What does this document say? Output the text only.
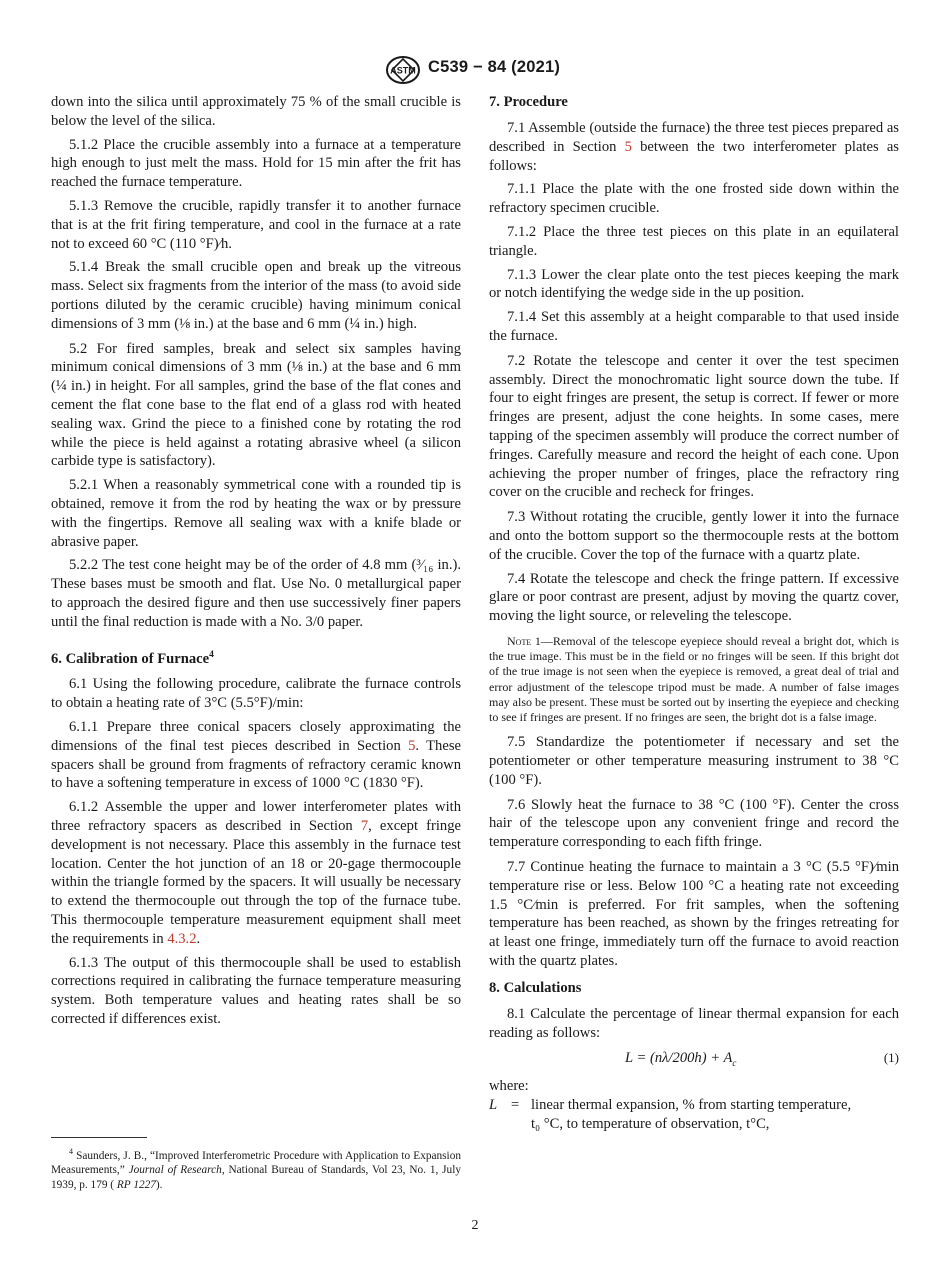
ASTM C539 − 84 (2021)

down into the silica until approximately 75 % of the small crucible is below the level of the silica.

5.1.2 Place the crucible assembly into a furnace at a temperature high enough to just melt the mass. Hold for 15 min after the frit has reached the furnace temperature.

5.1.3 Remove the crucible, rapidly transfer it to another furnace that is at the frit firing temperature, and cool in the furnace at a rate not to exceed 60 °C (110 °F)⁄h.

5.1.4 Break the small crucible open and break up the vitreous mass. Select six fragments from the interior of the mass (to avoid side portions diluted by the ceramic crucible) having minimum conical dimensions of 3 mm (⅛ in.) at the base and 6 mm (¼ in.) high.

5.2 For fired samples, break and select six samples having minimum conical dimensions of 3 mm (⅛ in.) at the base and 6 mm (¼ in.) in height. For all samples, grind the base of the flat cones and cement the flat cone base to the flat end of a glass rod with heated sealing wax. Grind the piece to a finished cone by rotating the rod while the piece is held against a rotating abrasive wheel (a silicon carbide type is satisfactory).

5.2.1 When a reasonably symmetrical cone with a rounded tip is obtained, remove it from the rod by heating the wax or by pressure with the fingertips. Remove all sealing wax with a knife blade or abrasive paper.

5.2.2 The test cone height may be of the order of 4.8 mm (³⁄₁₆ in.). These bases must be smooth and flat. Use No. 0 metallurgical paper to approach the desired figure and then use successively finer papers until the final reduction is made with a No. 3/0 paper.

6. Calibration of Furnace$^4$

6.1 Using the following procedure, calibrate the furnace controls to obtain a heating rate of 3°C (5.5°F)/min:

6.1.1 Prepare three conical spacers closely approximating the dimensions of the final test pieces described in Section 5. These spacers shall be ground from fragments of refractory ceramic known to have a softening temperature in excess of 1000 °C (1830 °F).

6.1.2 Assemble the upper and lower interferometer plates with three refractory spacers as described in Section 7, except fringe development is not necessary. Place this assembly in the furnace test location. Center the hot junction of an 18 or 20-gage thermocouple within the triangle formed by the spacers. It will usually be necessary to extend the thermocouple out through the top of the furnace tube. This thermocouple temperature measurement equipment shall meet the requirements in 4.3.2.

6.1.3 The output of this thermocouple shall be used to establish corrections required in calibrating the furnace temperature measuring system. Both temperature values and heating rates shall be so corrected if differences exist.

7. Procedure

7.1 Assemble (outside the furnace) the three test pieces prepared as described in Section 5 between the two interferometer plates as follows:

7.1.1 Place the plate with the one frosted side down within the refractory specimen crucible.

7.1.2 Place the three test pieces on this plate in an equilateral triangle.

7.1.3 Lower the clear plate onto the test pieces keeping the mark or notch identifying the wedge side in the up position.

7.1.4 Set this assembly at a height comparable to that used inside the furnace.

7.2 Rotate the telescope and center it over the test specimen assembly. Direct the monochromatic light source down the tube. If four to eight fringes are present, the setup is correct. If fewer or more fringes are present, adjust the cone heights. In some cases, mere tapping of the specimen assembly will produce the correct number of fringes. Carefully measure and record the height of each cone. Upon achieving the proper number of fringes, place the refractory ring cover on the crucible and recheck for fringes.

7.3 Without rotating the crucible, gently lower it into the furnace and onto the bottom support so the thermocouple rests at the bottom of the crucible. Cover the top of the furnace with a quartz plate.

7.4 Rotate the telescope and check the fringe pattern. If excessive glare or poor contrast are present, adjust by moving the quartz cover, moving the light source, or releveling the telescope.

Note 1—Removal of the telescope eyepiece should reveal a bright dot, which is the true image. This must be in the field or no fringes will be seen. If this bright dot of the true image is not seen when the eyepiece is removed, a great deal of trial and error adjustment of the telescope tripod must be made. A number of false images may also be present. These must be sorted out by inserting the eyepiece and checking to see if fringes are present. If no fringes are seen, the bright dot is a false image.

7.5 Standardize the potentiometer if necessary and set the potentiometer or other temperature measuring instrument to 38 °C (100 °F).

7.6 Slowly heat the furnace to 38 °C (100 °F). Center the cross hair of the telescope upon any convenient fringe and record the temperature corresponding to each fifth fringe.

7.7 Continue heating the furnace to maintain a 3 °C (5.5 °F)⁄min temperature rise or less. Below 100 °C a heating rate not exceeding 1.5 °C⁄min is preferred. For frit samples, when the softening temperature has been reached, as shown by the fringes retreating for at least one fringe, immediately turn off the furnace to avoid reaction with the quartz plates.

8. Calculations

8.1 Calculate the percentage of linear thermal expansion for each reading as follows:

$L = (n\lambda/200h) + A_c$	(1)
where:
L = linear thermal expansion, % from starting temperature,
t₀ °C, to temperature of observation, t°C,
$^4$ Saunders, J. B., “Improved Interferometric Procedure with Application to Expansion Measurements,” Journal of Research, National Bureau of Standards, Vol 23, No. 1, July 1939, p. 179 ( RP 1227).
2
